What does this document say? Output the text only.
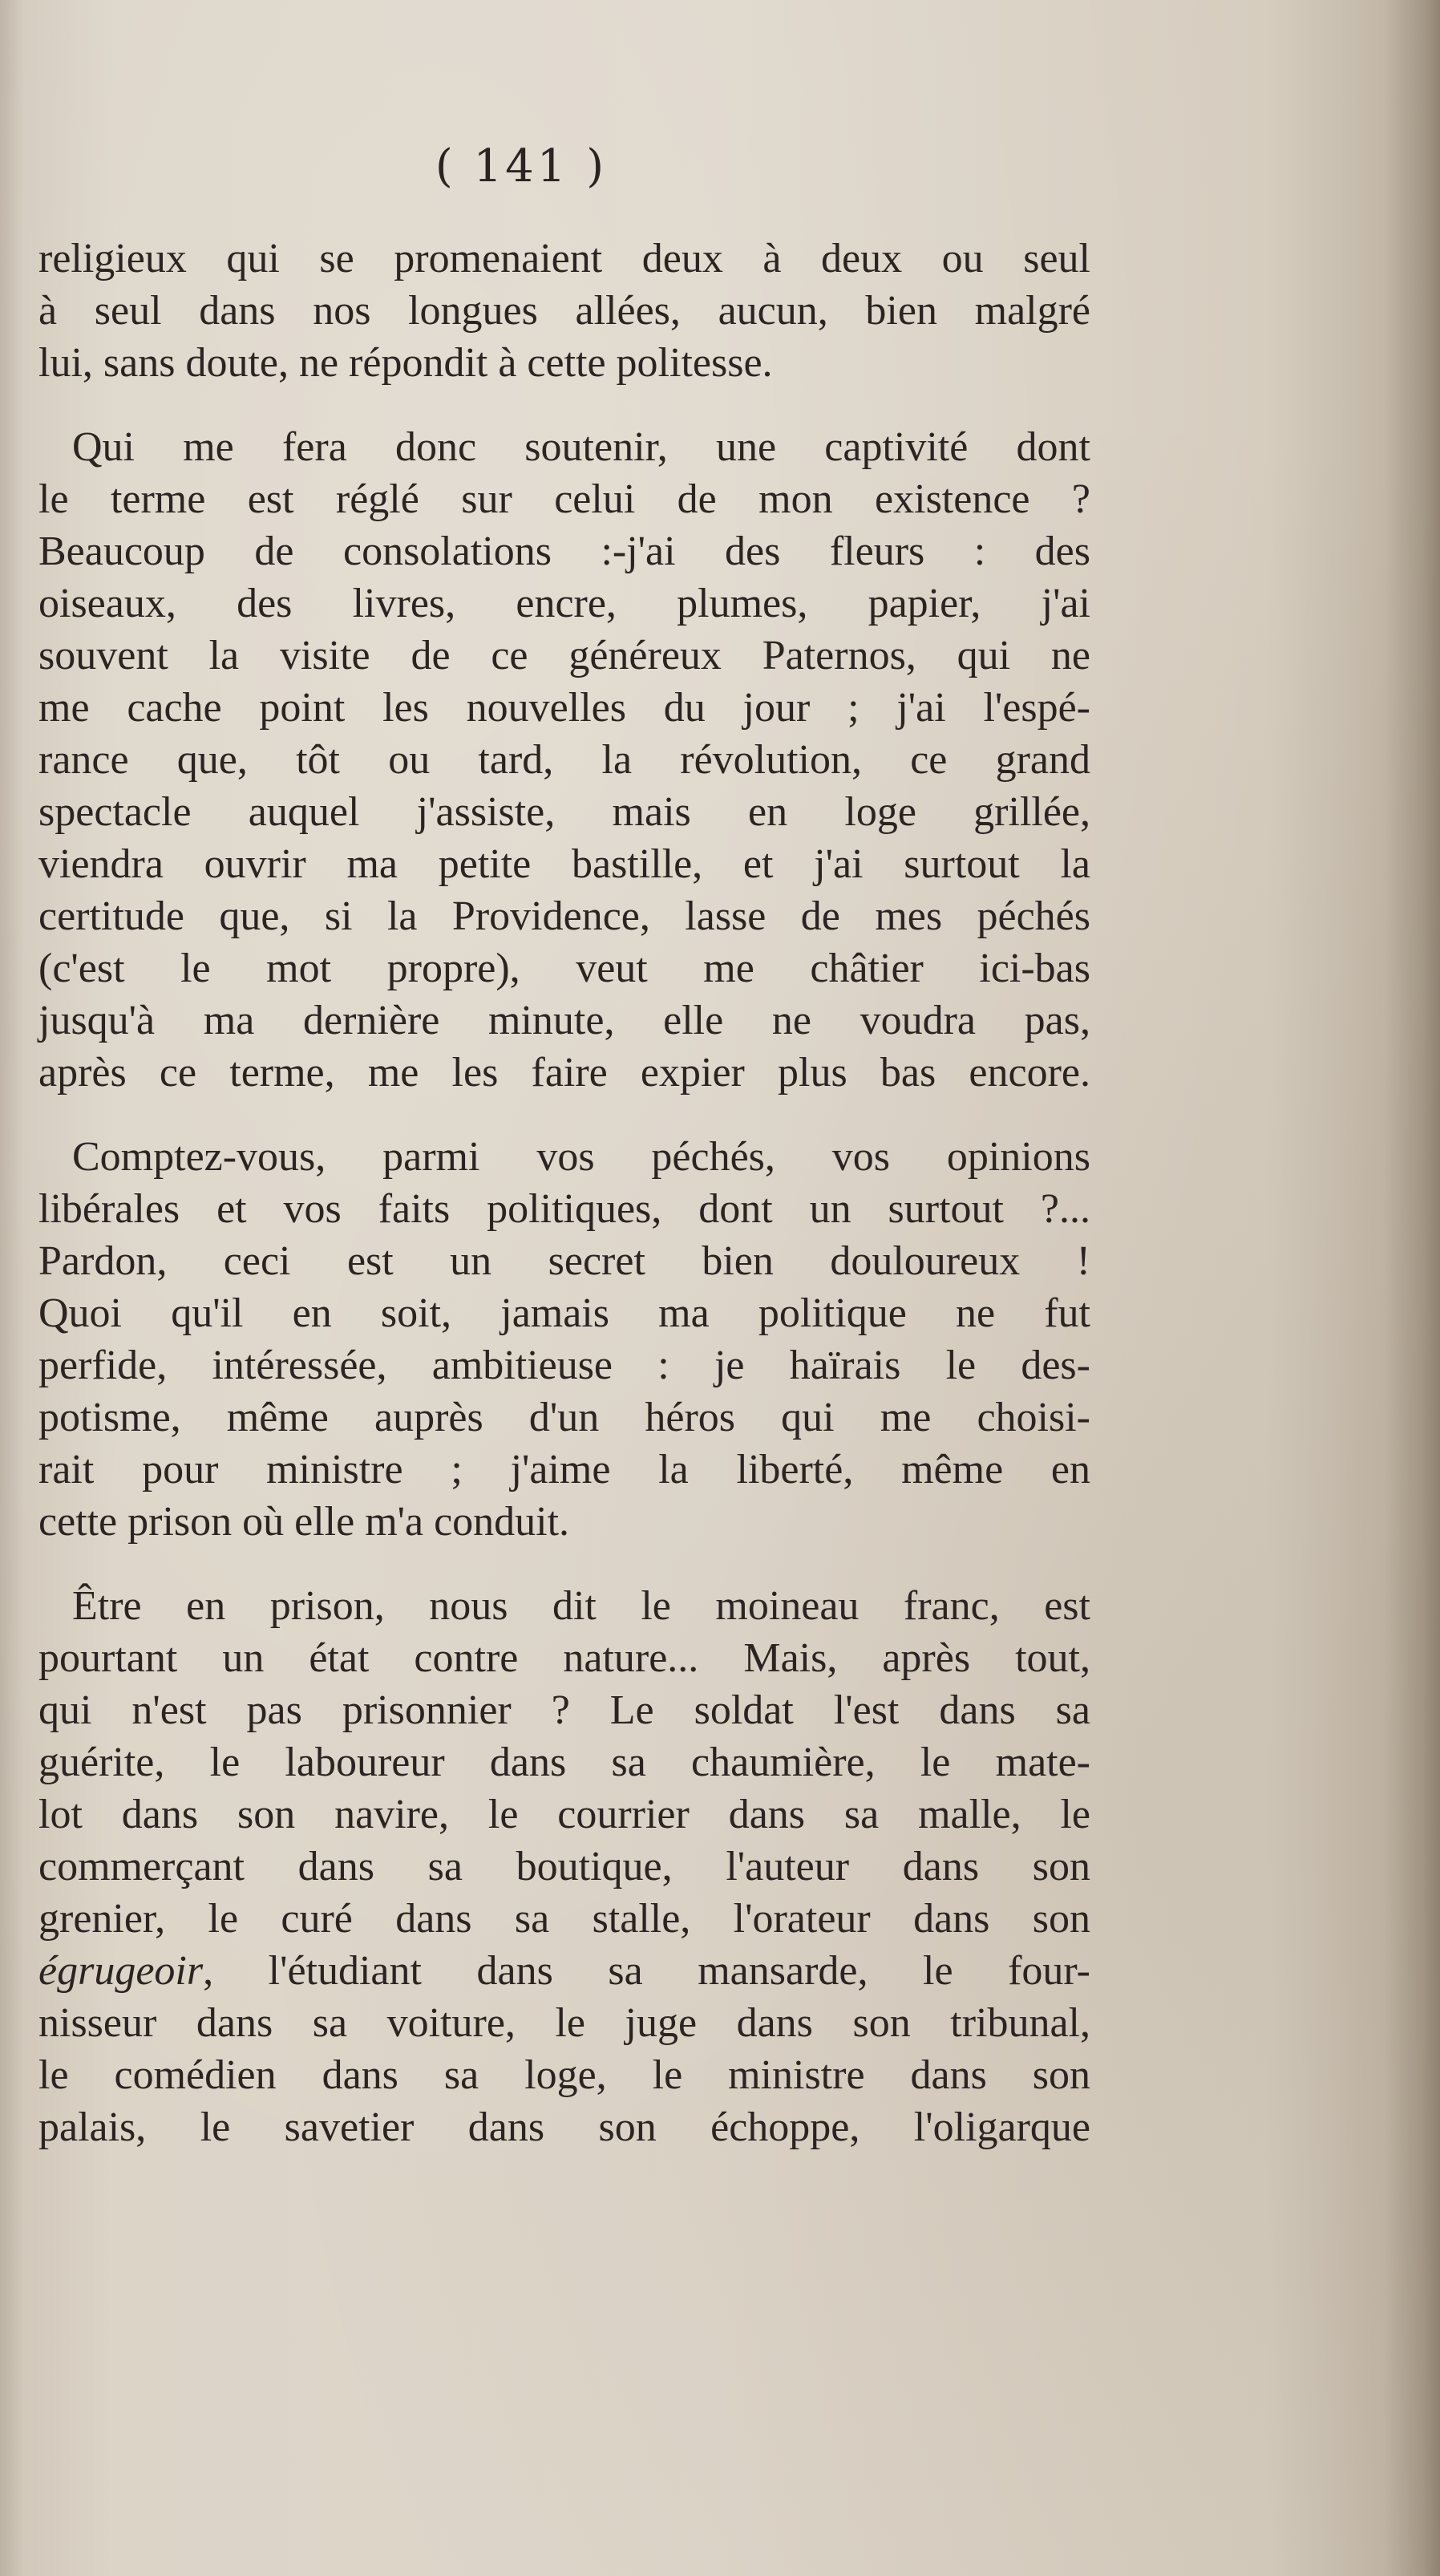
( 141 )
religieux qui se promenaient deux à deux ou seul
à seul dans nos longues allées, aucun, bien malgré
lui, sans doute, ne répondit à cette politesse.
Qui me fera donc soutenir, une captivité dont
le terme est réglé sur celui de mon existence ?
Beaucoup de consolations :-j'ai des fleurs : des
oiseaux, des livres, encre, plumes, papier, j'ai
souvent la visite de ce généreux Paternos, qui ne
me cache point les nouvelles du jour ; j'ai l'espé-
rance que, tôt ou tard, la révolution, ce grand
spectacle auquel j'assiste, mais en loge grillée,
viendra ouvrir ma petite bastille, et j'ai surtout la
certitude que, si la Providence, lasse de mes péchés
(c'est le mot propre), veut me châtier ici-bas
jusqu'à ma dernière minute, elle ne voudra pas,
après ce terme, me les faire expier plus bas encore.
Comptez-vous, parmi vos péchés, vos opinions
libérales et vos faits politiques, dont un surtout ?...
Pardon, ceci est un secret bien douloureux !
Quoi qu'il en soit, jamais ma politique ne fut
perfide, intéressée, ambitieuse : je haïrais le des-
potisme, même auprès d'un héros qui me choisi-
rait pour ministre ; j'aime la liberté, même en
cette prison où elle m'a conduit.
Être en prison, nous dit le moineau franc, est
pourtant un état contre nature... Mais, après tout,
qui n'est pas prisonnier ? Le soldat l'est dans sa
guérite, le laboureur dans sa chaumière, le mate-
lot dans son navire, le courrier dans sa malle, le
commerçant dans sa boutique, l'auteur dans son
grenier, le curé dans sa stalle, l'orateur dans son
égrugeoir, l'étudiant dans sa mansarde, le four-
nisseur dans sa voiture, le juge dans son tribunal,
le comédien dans sa loge, le ministre dans son
palais, le savetier dans son échoppe, l'oligarque
